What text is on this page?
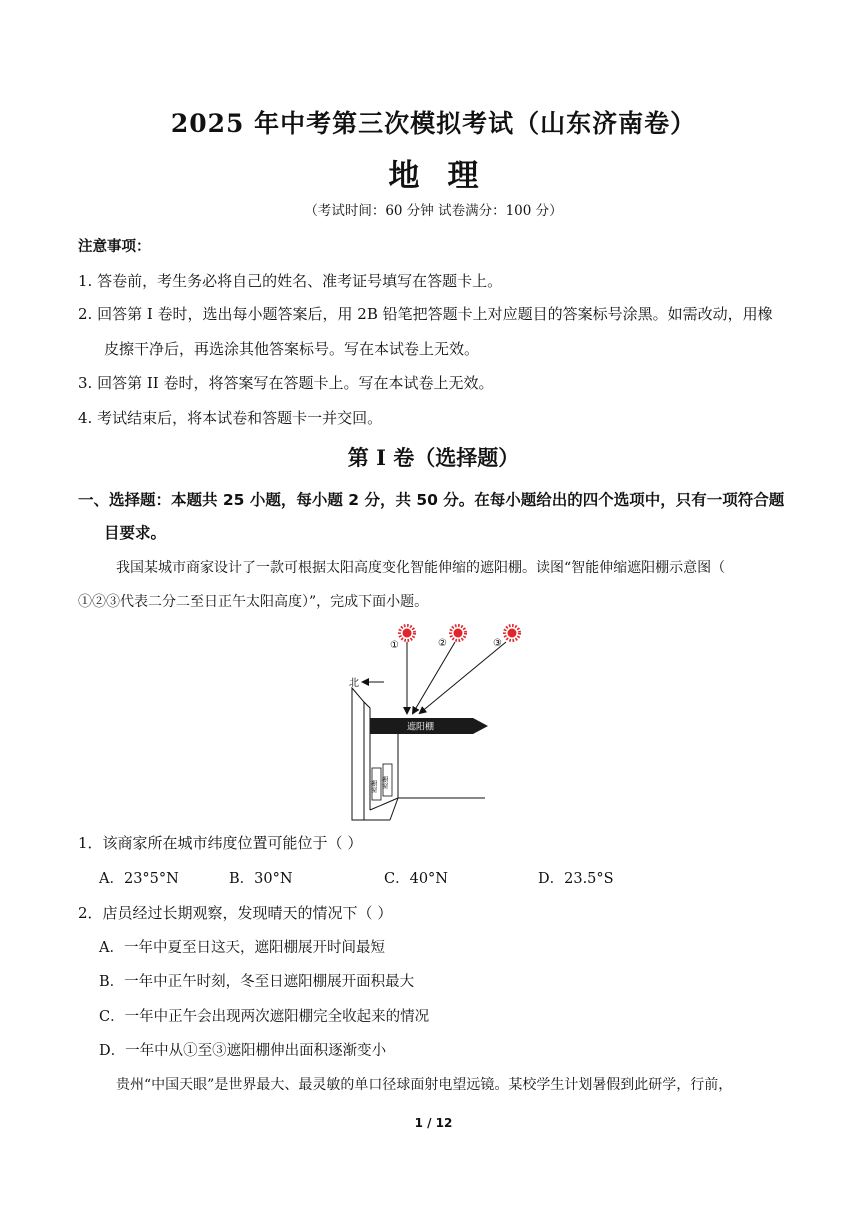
2025 年中考第三次模拟考试（山东济南卷）
地理
（考试时间：60 分钟 试卷满分：100 分）
注意事项：
1. 答卷前，考生务必将自己的姓名、准考证号填写在答题卡上。
2. 回答第 I 卷时，选出每小题答案后，用 2B 铅笔把答题卡上对应题目的答案标号涂黑。如需改动，用橡
皮擦干净后，再选涂其他答案标号。写在本试卷上无效。
3. 回答第 II 卷时，将答案写在答题卡上。写在本试卷上无效。
4. 考试结束后，将本试卷和答题卡一并交回。
第 I 卷（选择题）
一、选择题：本题共 25 小题，每小题 2 分，共 50 分。在每小题给出的四个选项中，只有一项符合题
目要求。
我国某城市商家设计了一款可根据太阳高度变化智能伸缩的遮阳棚。读图“智能伸缩遮阳棚示意图（
①②③代表二分二至日正午太阳高度）”，完成下面小题。
①	②	③
北
橱窗 橱窗
遮阳棚
1．该商家所在城市纬度位置可能位于（ ）
A．23°5°N	B．30°N	C．40°N	D．23.5°S
2．店员经过长期观察，发现晴天的情况下（ ）
A．一年中夏至日这天，遮阳棚展开时间最短
B．一年中正午时刻，冬至日遮阳棚展开面积最大
C．一年中正午会出现两次遮阳棚完全收起来的情况
D．一年中从①至③遮阳棚伸出面积逐渐变小
贵州“中国天眼”是世界最大、最灵敏的单口径球面射电望远镜。某校学生计划暑假到此研学，行前，
1 / 12
